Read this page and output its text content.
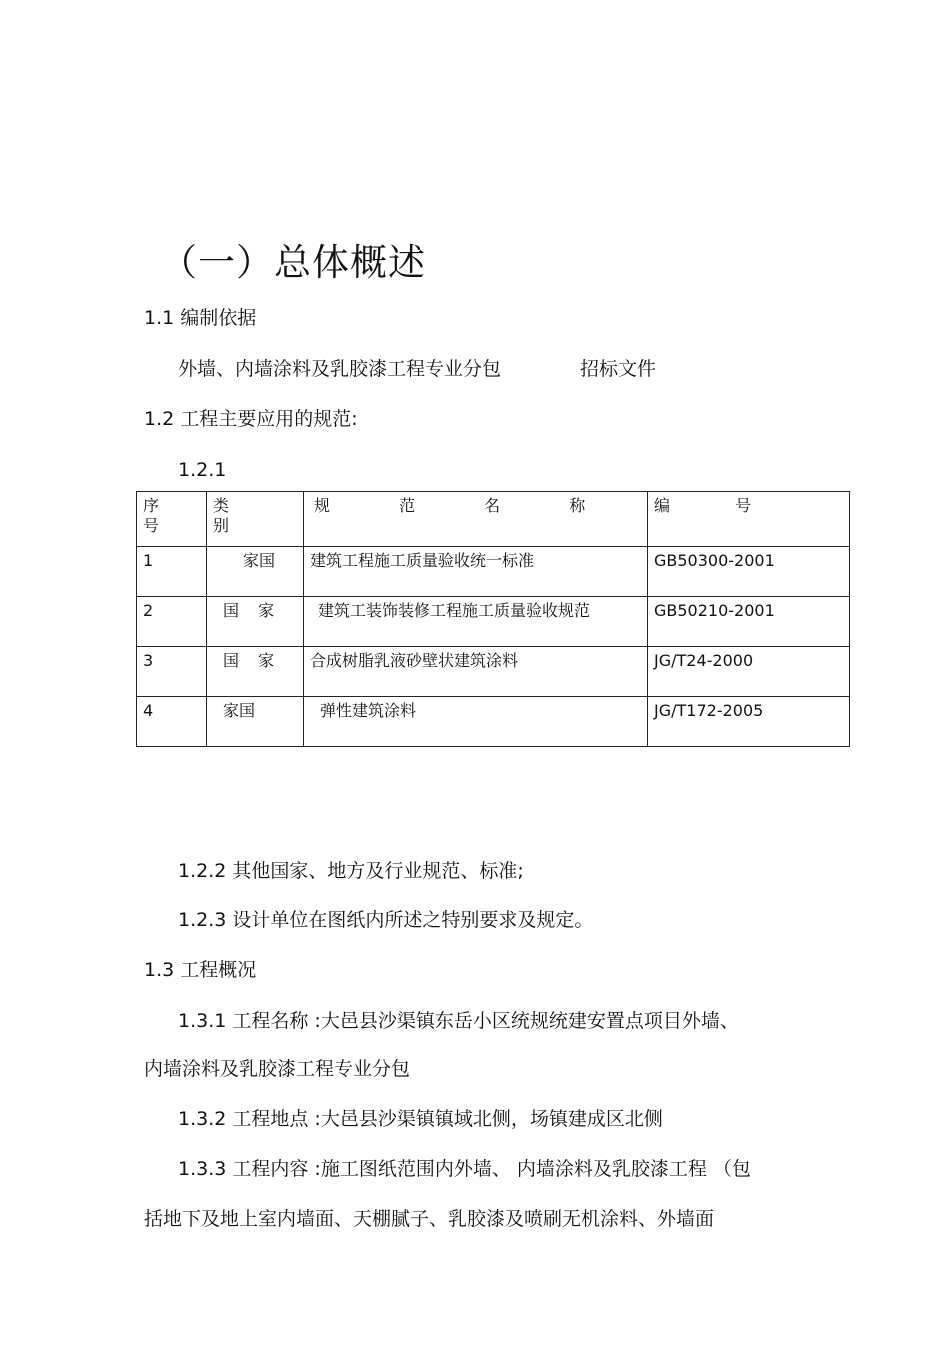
（一）总体概述
1.1 编制依据
外墙、内墙涂料及乳胶漆工程专业分包	招标文件
1.2 工程主要应用的规范:
1.2.1
序 号	类 别	规 范 名 称	编 号
1	家国	建筑工程施工质量验收统一标准	GB50300-2001
2	国 家	建筑工装饰装修工程施工质量验收规范	GB50210-2001
3	国 家	合成树脂乳液砂壁状建筑涂料	JG/T24-2000
4	家国	弹性建筑涂料	JG/T172-2005
1.2.2 其他国家、地方及行业规范、标准;
1.2.3 设计单位在图纸内所述之特别要求及规定。
1.3 工程概况
1.3.1 工程名称 :大邑县沙渠镇东岳小区统规统建安置点项目外墙、
内墙涂料及乳胶漆工程专业分包
1.3.2 工程地点 :大邑县沙渠镇镇域北侧，场镇建成区北侧
1.3.3 工程内容 :施工图纸范围内外墙、 内墙涂料及乳胶漆工程 （包
括地下及地上室内墙面、天棚腻子、乳胶漆及喷刷无机涂料、外墙面
